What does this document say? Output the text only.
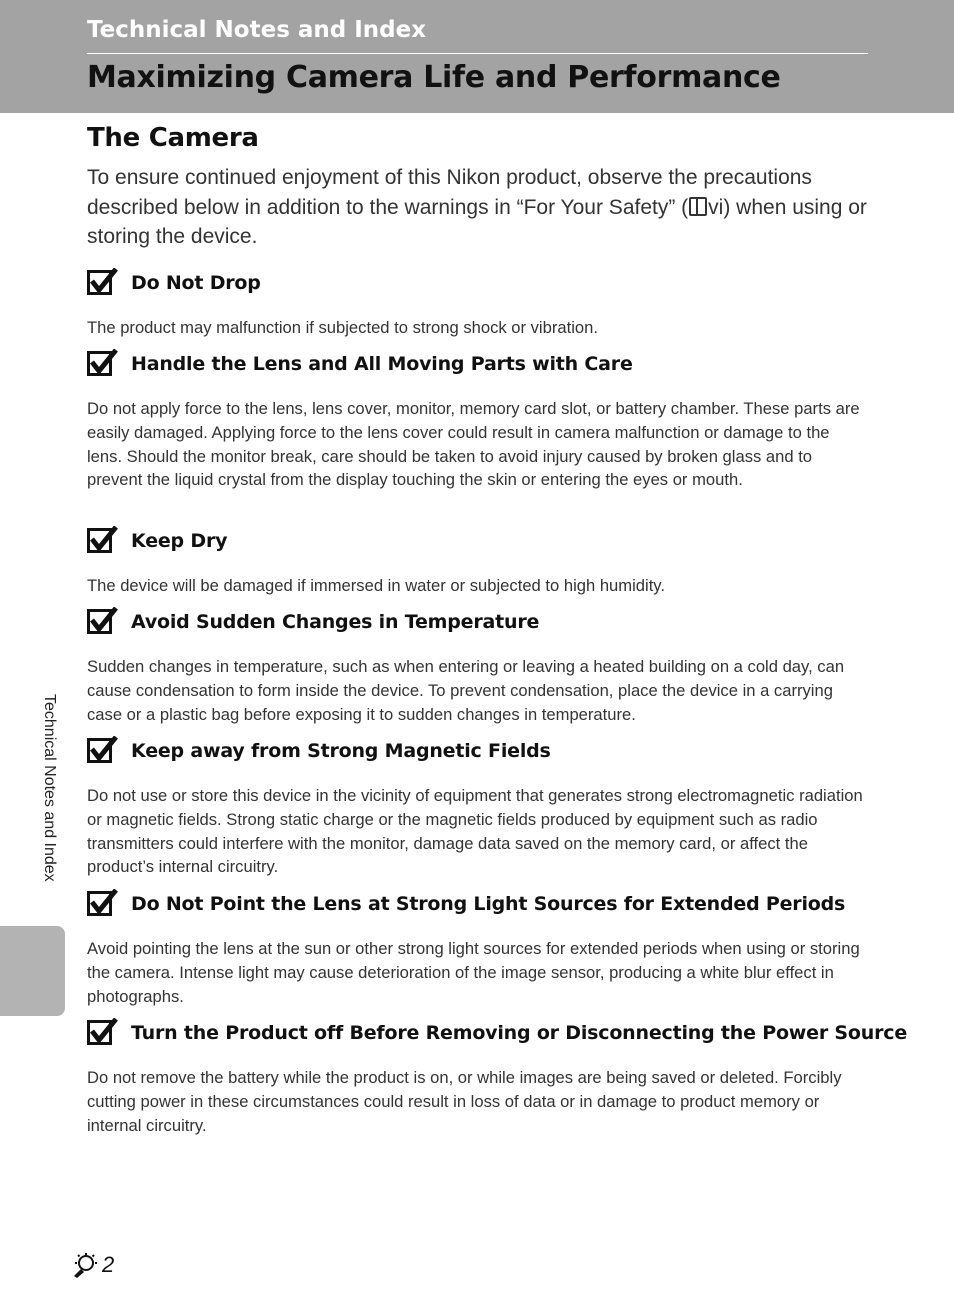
Technical Notes and Index
Maximizing Camera Life and Performance
The Camera

To ensure continued enjoyment of this Nikon product, observe the precautions described below in addition to the warnings in “For Your Safety” ( vi) when using or storing the device.

Do Not Drop

The product may malfunction if subjected to strong shock or vibration.

Handle the Lens and All Moving Parts with Care

Do not apply force to the lens, lens cover, monitor, memory card slot, or battery chamber. These parts are easily damaged. Applying force to the lens cover could result in camera malfunction or damage to the lens. Should the monitor break, care should be taken to avoid injury caused by broken glass and to prevent the liquid crystal from the display touching the skin or entering the eyes or mouth.

Keep Dry

The device will be damaged if immersed in water or subjected to high humidity.

Avoid Sudden Changes in Temperature

Sudden changes in temperature, such as when entering or leaving a heated building on a cold day, can cause condensation to form inside the device. To prevent condensation, place the device in a carrying case or a plastic bag before exposing it to sudden changes in temperature.

Keep away from Strong Magnetic Fields

Do not use or store this device in the vicinity of equipment that generates strong electromagnetic radiation or magnetic fields. Strong static charge or the magnetic fields produced by equipment such as radio transmitters could interfere with the monitor, damage data saved on the memory card, or affect the product’s internal circuitry.

Do Not Point the Lens at Strong Light Sources for Extended Periods

Avoid pointing the lens at the sun or other strong light sources for extended periods when using or storing the camera. Intense light may cause deterioration of the image sensor, producing a white blur effect in photographs.

Turn the Product off Before Removing or Disconnecting the Power Source

Do not remove the battery while the product is on, or while images are being saved or deleted. Forcibly cutting power in these circumstances could result in loss of data or in damage to product memory or internal circuitry.

Technical Notes and Index
2
